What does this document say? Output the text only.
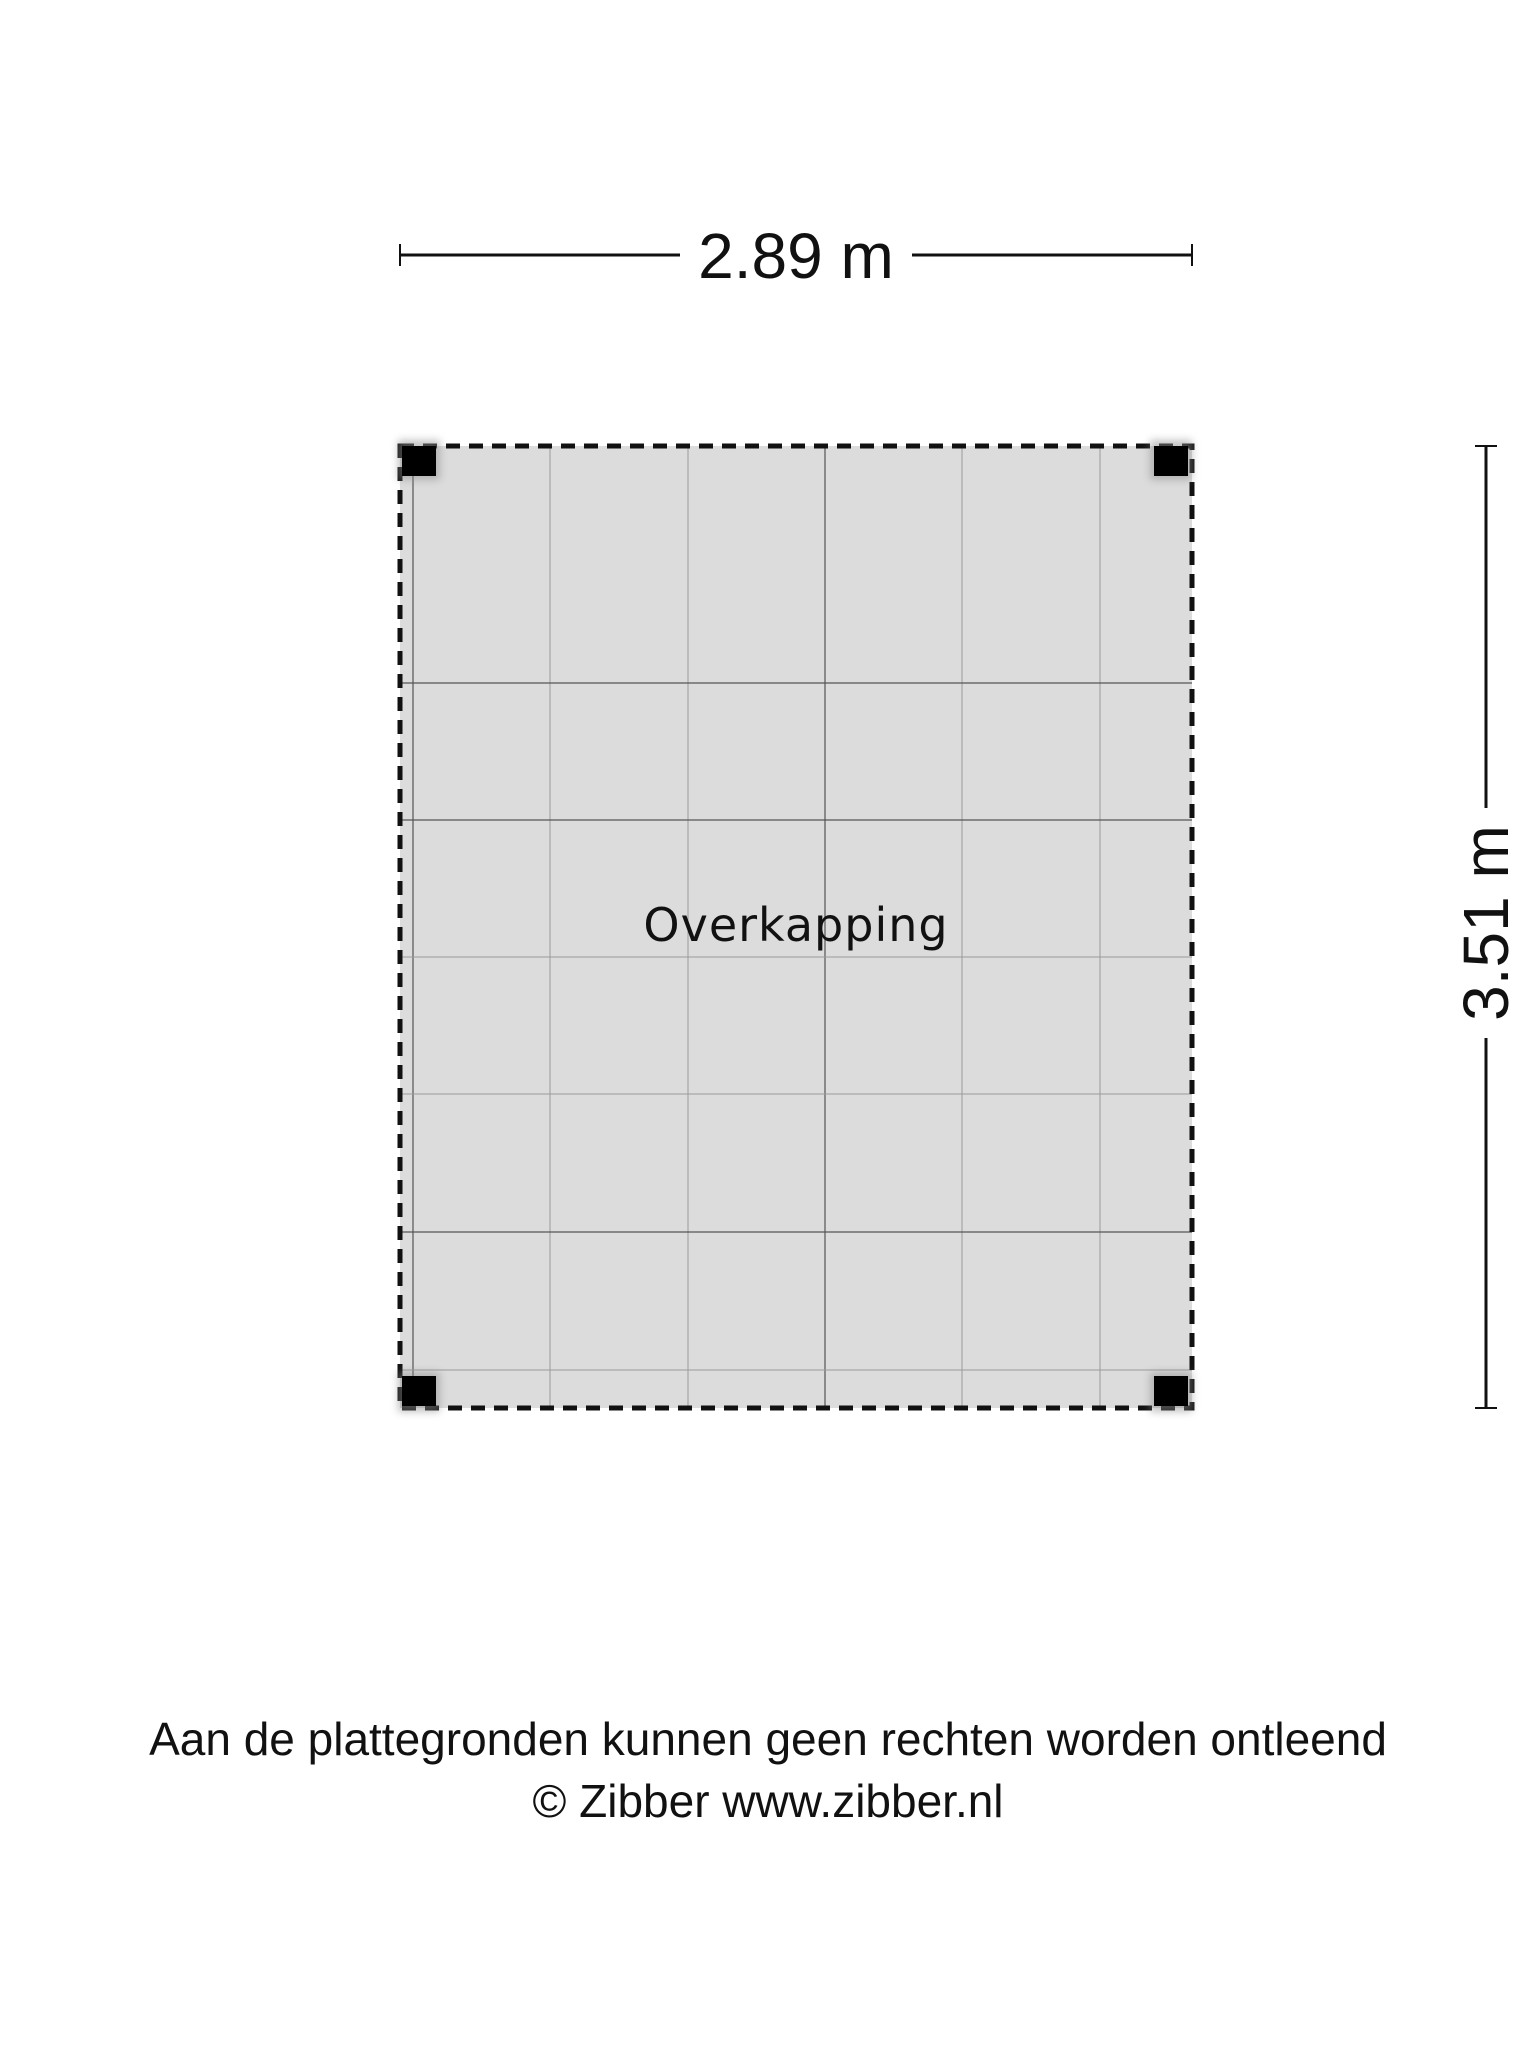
2.89 m
3.51 m
Overkapping
Aan de plattegronden kunnen geen rechten worden ontleend
© Zibber www.zibber.nl
